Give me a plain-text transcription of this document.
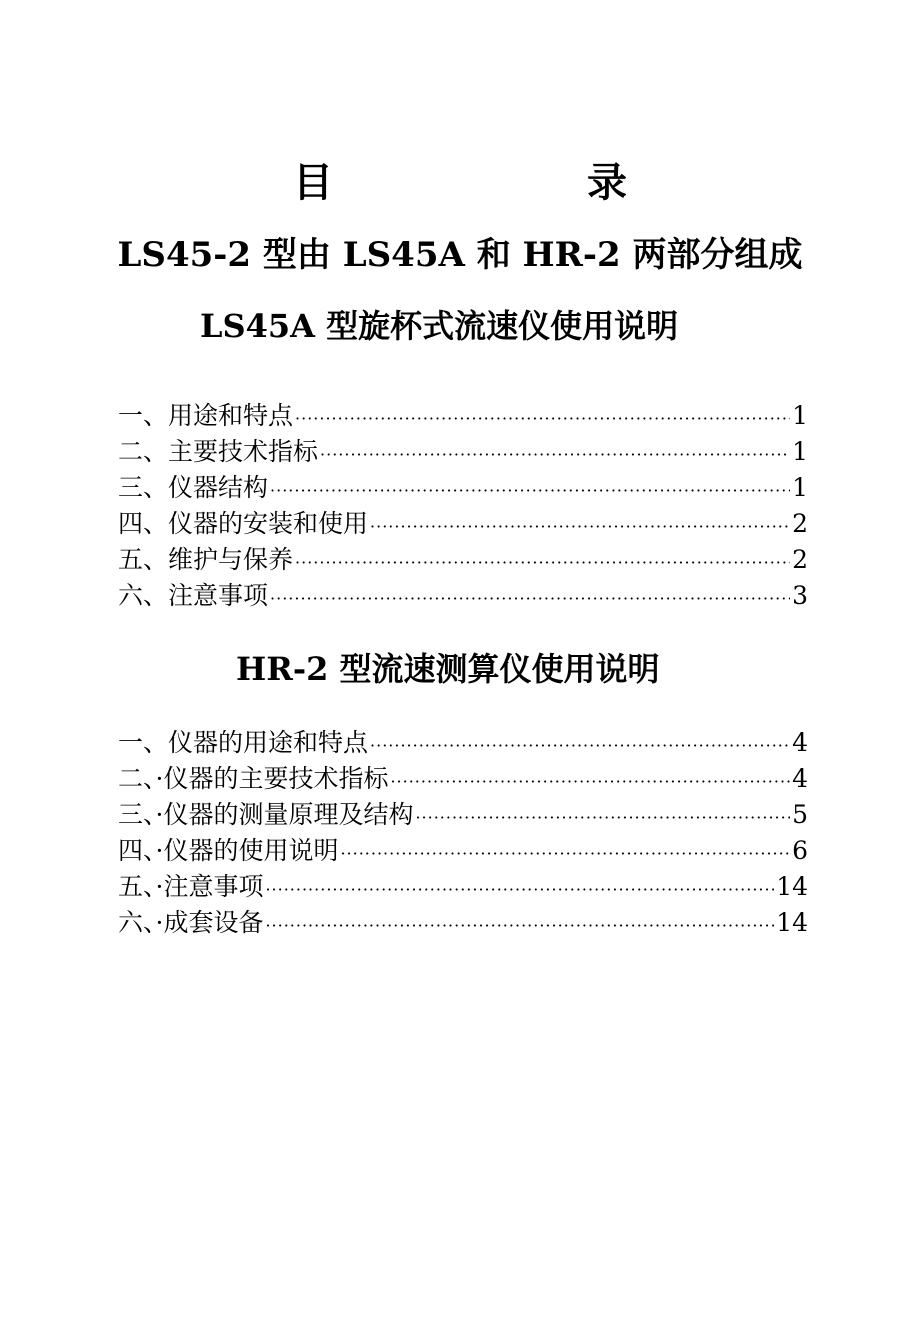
目 录
LS45-2 型由 LS45A 和 HR-2 两部分组成
LS45A 型旋杯式流速仪使用说明
一、用途和特点 ·····	1
二、主要技术指标 ·····	1
三、仪器结构 ·····	1
四、仪器的安装和使用 ·····	2
五、维护与保养 ·····	2
六、注意事项 ·····	3
HR-2 型流速测算仪使用说明
一、仪器的用途和特点 ·····	4
二、·仪器的主要技术指标 ·····	4
三、·仪器的测量原理及结构 ·····	5
四、·仪器的使用说明 ·····	6
五、·注意事项 ·····	14
六、·成套设备 ·····	14
